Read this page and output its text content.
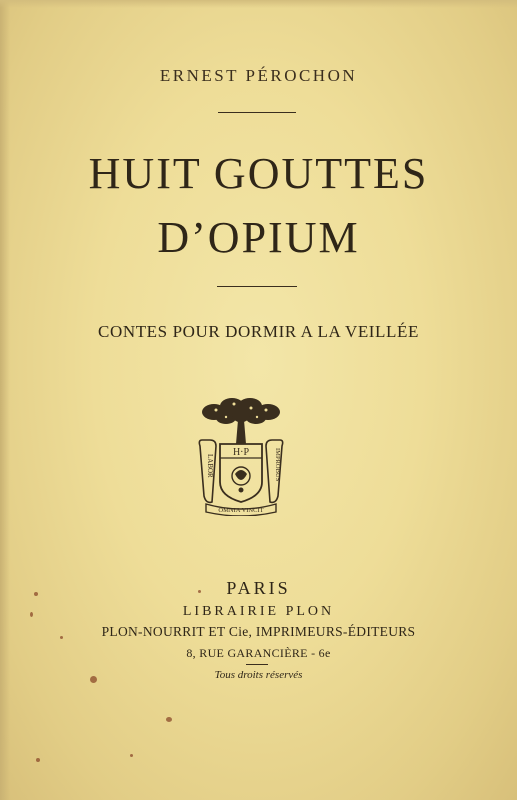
ERNEST PÉROCHON
HUIT GOUTTES
D’OPIUM
CONTES POUR DORMIR A LA VEILLÉE
H·P
LABOR	IMPROBUS
OMNIA VINCIT
PARIS
LIBRAIRIE PLON
PLON-NOURRIT ET Cie, IMPRIMEURS-ÉDITEURS
8, RUE GARANCIÈRE - 6e
Tous droits réservés
